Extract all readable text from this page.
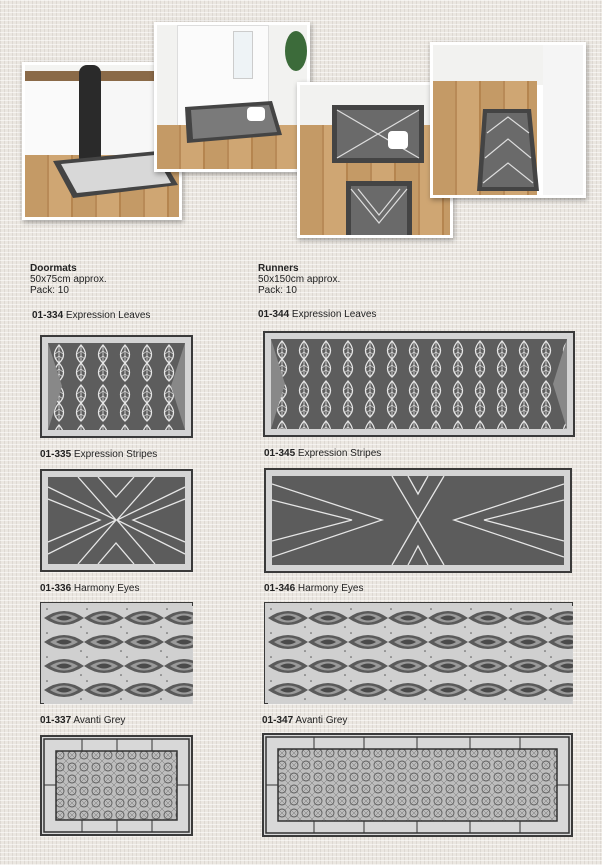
Doormats
50x75cm approx.
Pack: 10
Runners
50x150cm approx.
Pack: 10
01-334 Expression Leaves	01-344 Expression Leaves
01-335 Expression Stripes	01-345 Expression Stripes
01-336 Harmony Eyes	01-346 Harmony Eyes
01-337 Avanti Grey	01-347 Avanti Grey
